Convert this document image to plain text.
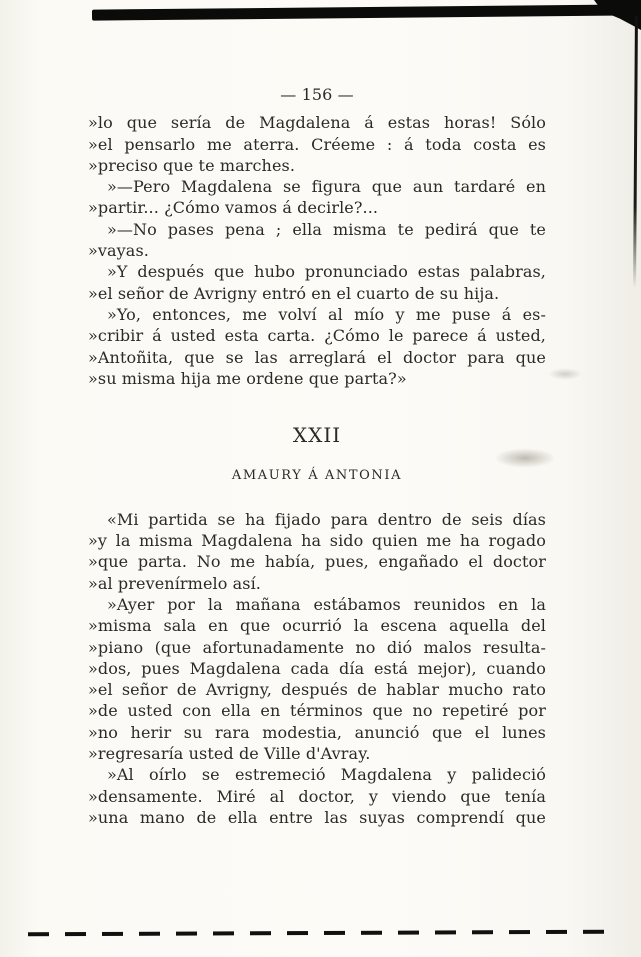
— 156 —
»lo que sería de Magdalena á estas horas! Sólo
»el pensarlo me aterra. Créeme : á toda costa es
»preciso que te marches.
»—Pero Magdalena se figura que aun tardaré en
»partir... ¿Cómo vamos á decirle?...
»—No pases pena ; ella misma te pedirá que te
»vayas.
»Y después que hubo pronunciado estas palabras,
»el señor de Avrigny entró en el cuarto de su hija.
»Yo, entonces, me volví al mío y me puse á es-
»cribir á usted esta carta. ¿Cómo le parece á usted,
»Antoñita, que se las arreglará el doctor para que
»su misma hija me ordene que parta?»
XXII
AMAURY Á ANTONIA
«Mi partida se ha fijado para dentro de seis días
»y la misma Magdalena ha sido quien me ha rogado
»que parta. No me había, pues, engañado el doctor
»al prevenírmelo así.
»Ayer por la mañana estábamos reunidos en la
»misma sala en que ocurrió la escena aquella del
»piano (que afortunadamente no dió malos resulta-
»dos, pues Magdalena cada día está mejor), cuando
»el señor de Avrigny, después de hablar mucho rato
»de usted con ella en términos que no repetiré por
»no herir su rara modestia, anunció que el lunes
»regresaría usted de Ville d'Avray.
»Al oírlo se estremeció Magdalena y palideció
»densamente. Miré al doctor, y viendo que tenía
»una mano de ella entre las suyas comprendí que
